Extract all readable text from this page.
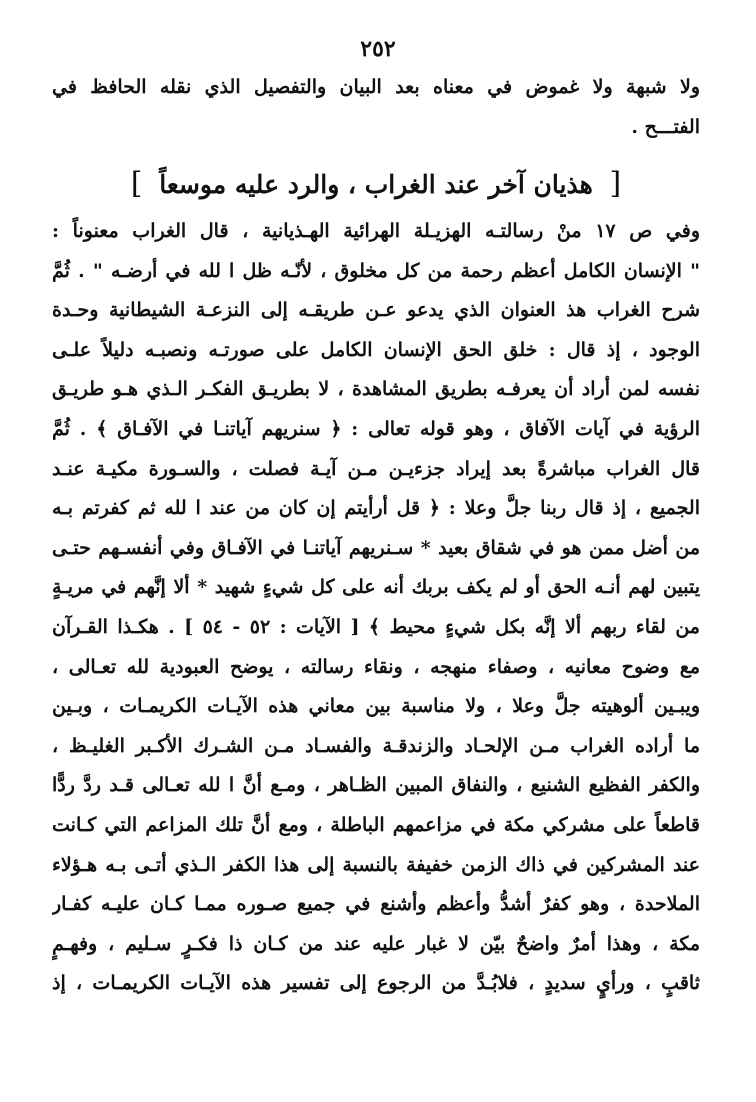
٢٥٢
ولا شبهة ولا غموض في معناه بعد البيان والتفصيل الذي نقله الحافظ في
الفتـــح .
[ هذيان آخر عند الغراب ، والرد عليه موسعاً ]
وفي ص ١٧ منْ رسالتـه الهزيـلة الهرائية الهـذيانية ، قال الغراب معنوناً :
" الإنسان الكامل أعظم رحمة من كل مخلوق ، لأنّـه ظل ا لله في أرضـه " . ثُمَّ
شرح الغراب هذ العنوان الذي يدعو عـن طريقـه إلى النزعـة الشيطانية وحـدة
الوجود ، إذ قال : خلق الحق الإنسان الكامل على صورتـه ونصبـه دليلاً علـى
نفسه لمن أراد أن يعرفـه بطريق المشاهدة ، لا بطريـق الفكـر الـذي هـو طريـق
الرؤية في آيات الآفاق ، وهو قوله تعالى : ﴿ سنريهم آياتنـا في الآفـاق ﴾ . ثُمَّ
قال الغراب مباشرةً بعد إيراد جزءيـن مـن آيـة فصلت ، والسـورة مكيـة عنـد
الجميع ، إذ قال ربنا جلَّ وعلا : ﴿ قل أرأيتم إن كان من عند ا لله ثم كفرتم بـه
من أضل ممن هو في شقاق بعيد * سـنريهم آياتنـا في الآفـاق وفي أنفسـهم حتـى
يتبين لهم أنـه الحق أو لم يكف بربك أنه على كل شيءٍ شهيد * ألا إنَّهم في مريـةٍ
من لقاء ربهم ألا إنَّه بكل شيءٍ محيط ﴾ [ الآيات : ٥٢ - ٥٤ ] . هكـذا القـرآن
مع وضوح معانيه ، وصفاء منهجه ، ونقاء رسالته ، يوضح العبودية لله تعـالى ،
ويبـين ألوهيته جلَّ وعلا ، ولا مناسبة بين معاني هذه الآيـات الكريمـات ، وبـين
ما أراده الغراب مـن الإلحـاد والزندقـة والفسـاد مـن الشـرك الأكـبر الغليـظ ،
والكفر الفظيع الشنيع ، والنفاق المبين الظـاهر ، ومـع أنَّ ا لله تعـالى قـد ردَّ ردًّا
قاطعاً على مشركي مكة في مزاعمهم الباطلة ، ومع أنَّ تلك المزاعم التي كـانت
عند المشركين في ذاك الزمن خفيفة بالنسبة إلى هذا الكفر الـذي أتـى بـه هـؤلاء
الملاحدة ، وهو كفرٌ أشدُّ وأعظم وأشنع في جميع صـوره ممـا كـان عليـه كفـار
مكة ، وهذا أمرٌ واضحٌ بيّن لا غبار عليه عند من كـان ذا فكـرٍ سـليم ، وفهـمٍ
ثاقبٍ ، ورأيٍ سديدٍ ، فلابُـدَّ من الرجوع إلى تفسير هذه الآيـات الكريمـات ، إذ
